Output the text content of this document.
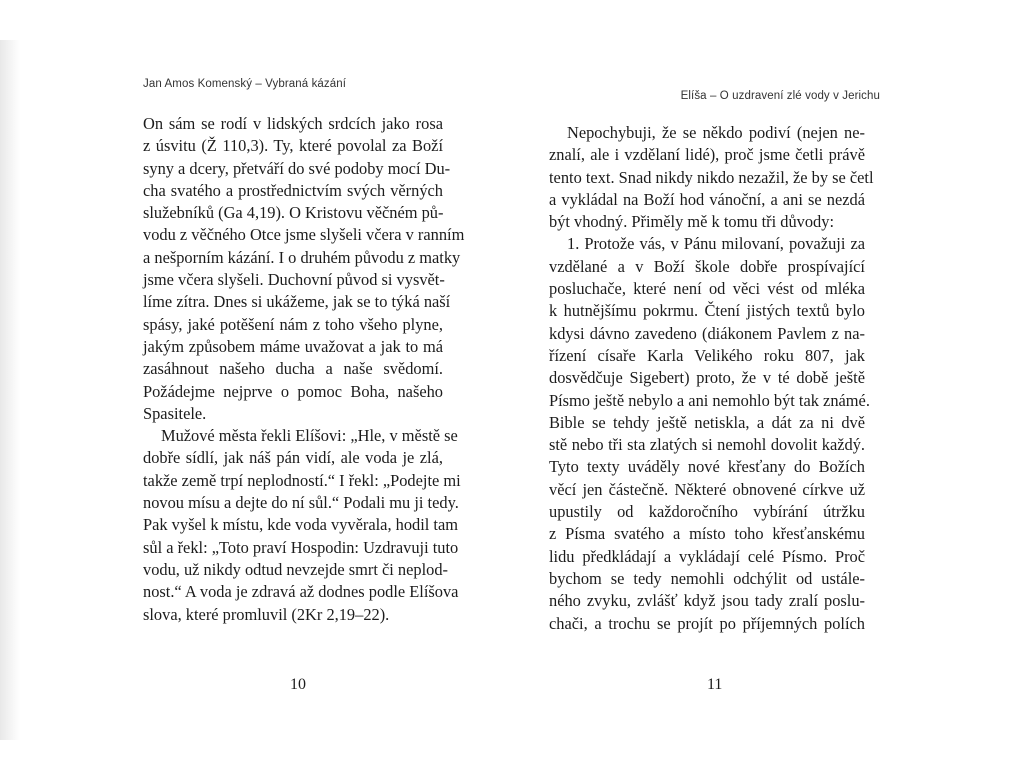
Jan Amos Komenský – Vybraná kázání
On sám se rodí v lidských srdcích jako rosa
z úsvitu (Ž 110,3). Ty, které povolal za Boží
syny a dcery, přetváří do své podoby mocí Du-
cha svatého a prostřednictvím svých věrných
služebníků (Ga 4,19). O Kristovu věčném pů-
vodu z věčného Otce jsme slyšeli včera v ranním
a nešporním kázání. I o druhém původu z matky
jsme včera slyšeli. Duchovní původ si vysvět-
líme zítra. Dnes si ukážeme, jak se to týká naší
spásy, jaké potěšení nám z toho všeho plyne,
jakým způsobem máme uvažovat a jak to má
zasáhnout našeho ducha a naše svědomí.
Požádejme nejprve o pomoc Boha, našeho
Spasitele.
Mužové města řekli Elíšovi: „Hle, v městě se
dobře sídlí, jak náš pán vidí, ale voda je zlá,
takže země trpí neplodností.“ I řekl: „Podejte mi
novou mísu a dejte do ní sůl.“ Podali mu ji tedy.
Pak vyšel k místu, kde voda vyvěrala, hodil tam
sůl a řekl: „Toto praví Hospodin: Uzdravuji tuto
vodu, už nikdy odtud nevzejde smrt či neplod-
nost.“ A voda je zdravá až dodnes podle Elíšova
slova, které promluvil (2Kr 2,19–22).
10
Elíša – O uzdravení zlé vody v Jerichu
Nepochybuji, že se někdo podiví (nejen ne-
znalí, ale i vzdělaní lidé), proč jsme četli právě
tento text. Snad nikdy nikdo nezažil, že by se četl
a vykládal na Boží hod vánoční, a ani se nezdá
být vhodný. Přiměly mě k tomu tři důvody:
1. Protože vás, v Pánu milovaní, považuji za
vzdělané a v Boží škole dobře prospívající
posluchače, které není od věci vést od mléka
k hutnějšímu pokrmu. Čtení jistých textů bylo
kdysi dávno zavedeno (diákonem Pavlem z na-
řízení císaře Karla Velikého roku 807, jak
dosvědčuje Sigebert) proto, že v té době ještě
Písmo ještě nebylo a ani nemohlo být tak známé.
Bible se tehdy ještě netiskla, a dát za ni dvě
stě nebo tři sta zlatých si nemohl dovolit každý.
Tyto texty uváděly nové křesťany do Božích
věcí jen částečně. Některé obnovené církve už
upustily od každoročního vybírání útržku
z Písma svatého a místo toho křesťanskému
lidu předkládají a vykládají celé Písmo. Proč
bychom se tedy nemohli odchýlit od ustále-
ného zvyku, zvlášť když jsou tady zralí poslu-
chači, a trochu se projít po příjemných polích
11
